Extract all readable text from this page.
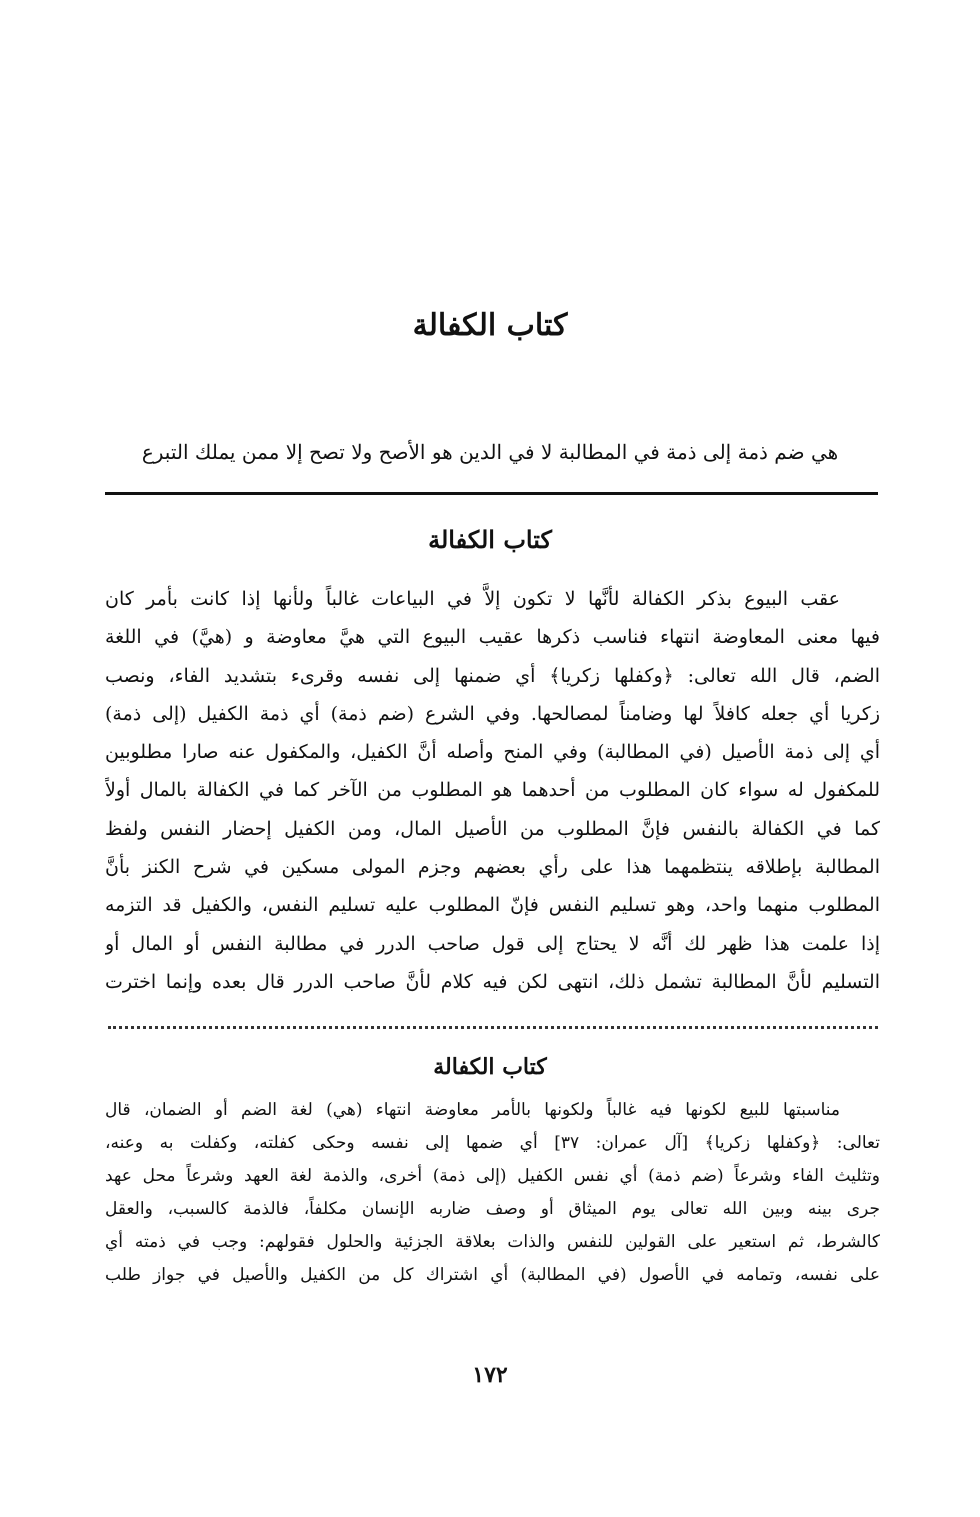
كتاب الكفالة
هي ضم ذمة إلى ذمة في المطالبة لا في الدين هو الأصح ولا تصح إلا ممن يملك التبرع
كتاب الكفالة
عقب البيوع بذكر الكفالة لأنَّها لا تكون إلاَّ في البياعات غالباً ولأنها إذا كانت بأمر كان
فيها معنى المعاوضة انتهاء فناسب ذكرها عقيب البيوع التي هيَّ معاوضة و (هيَّ) في اللغة
الضم، قال الله تعالى: ﴿وكفلها زكريا﴾ أي ضمنها إلى نفسه وقرىء بتشديد الفاء، ونصب
زكريا أي جعله كافلاً لها وضامناً لمصالحها. وفي الشرع (ضم ذمة) أي ذمة الكفيل (إلى ذمة)
أي إلى ذمة الأصيل (في المطالبة) وفي المنح وأصله أنَّ الكفيل، والمكفول عنه صارا مطلوبين
للمكفول له سواء كان المطلوب من أحدهما هو المطلوب من الآخر كما في الكفالة بالمال أولاً
كما في الكفالة بالنفس فإنَّ المطلوب من الأصيل المال، ومن الكفيل إحضار النفس ولفظ
المطالبة بإطلاقه ينتظمهما هذا على رأي بعضهم وجزم المولى مسكين في شرح الكنز بأنَّ
المطلوب منهما واحد، وهو تسليم النفس فإنّ المطلوب عليه تسليم النفس، والكفيل قد التزمه
إذا علمت هذا ظهر لك أنَّه لا يحتاج إلى قول صاحب الدرر في مطالبة النفس أو المال أو
التسليم لأنَّ المطالبة تشمل ذلك، انتهى لكن فيه كلام لأنَّ صاحب الدرر قال بعده وإنما اخترت
كتاب الكفالة
مناسبتها للبيع لكونها فيه غالباً ولكونها بالأمر معاوضة انتهاء (هي) لغة الضم أو الضمان، قال
تعالى: ﴿وكفلها زكريا﴾ [آل عمران: ٣٧] أي ضمها إلى نفسه وحكى كفلته، وكفلت به وعنه،
وتثليث الفاء وشرعاً (ضم ذمة) أي نفس الكفيل (إلى ذمة) أخرى، والذمة لغة العهد وشرعاً محل عهد
جرى بينه وبين الله تعالى يوم الميثاق أو وصف ضاربه الإنسان مكلفاً، فالذمة كالسبب، والعقل
كالشرط، ثم استعير على القولين للنفس والذات بعلاقة الجزئية والحلول فقولهم: وجب في ذمته أي
على نفسه، وتمامه في الأصول (في المطالبة) أي اشتراك كل من الكفيل والأصيل في جواز طلب
١٧٢
